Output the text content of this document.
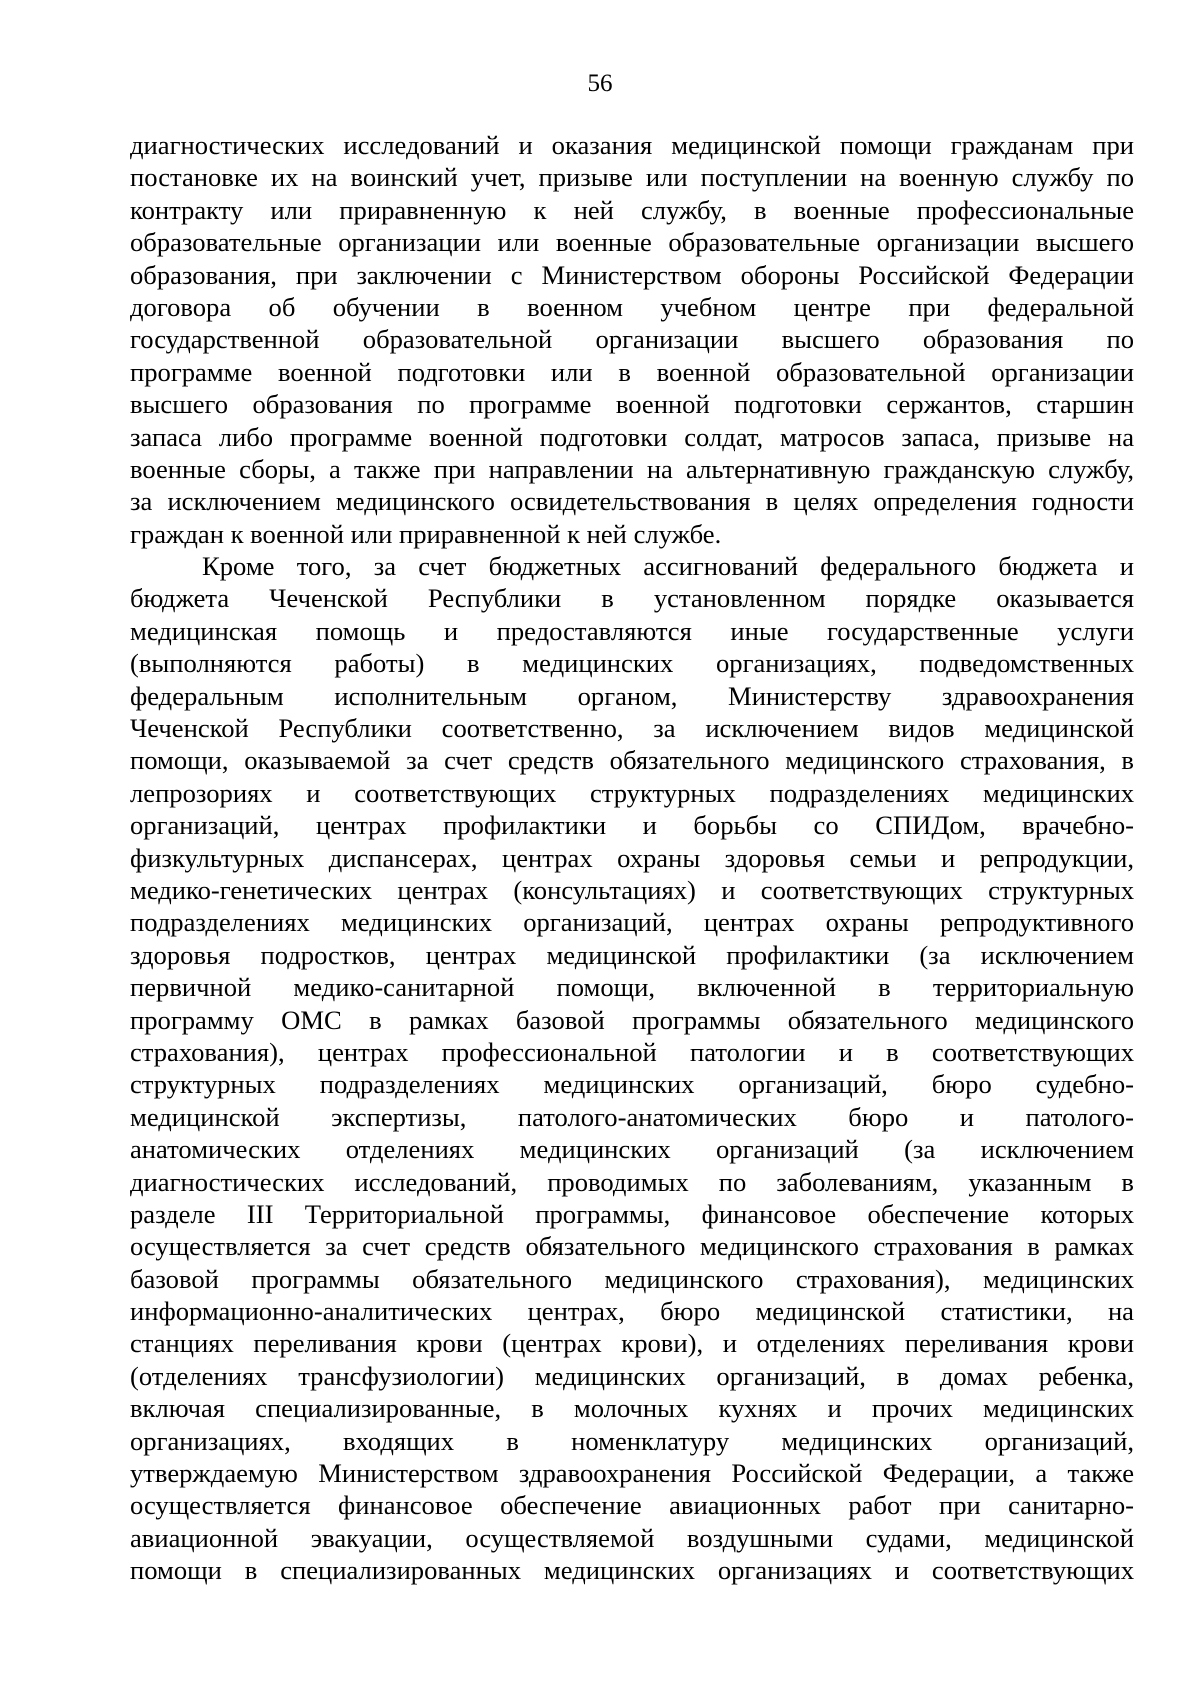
56
диагностических исследований и оказания медицинской помощи гражданам при
постановке их на воинский учет, призыве или поступлении на военную службу по
контракту или приравненную к ней службу, в военные профессиональные
образовательные организации или военные образовательные организации высшего
образования, при заключении с Министерством обороны Российской Федерации
договора об обучении в военном учебном центре при федеральной
государственной образовательной организации высшего образования по
программе военной подготовки или в военной образовательной организации
высшего образования по программе военной подготовки сержантов, старшин
запаса либо программе военной подготовки солдат, матросов запаса, призыве на
военные сборы, а также при направлении на альтернативную гражданскую службу,
за исключением медицинского освидетельствования в целях определения годности
граждан к военной или приравненной к ней службе.
Кроме того, за счет бюджетных ассигнований федерального бюджета и
бюджета Чеченской Республики в установленном порядке оказывается
медицинская помощь и предоставляются иные государственные услуги
(выполняются работы) в медицинских организациях, подведомственных
федеральным исполнительным органом, Министерству здравоохранения
Чеченской Республики соответственно, за исключением видов медицинской
помощи, оказываемой за счет средств обязательного медицинского страхования, в
лепрозориях и соответствующих структурных подразделениях медицинских
организаций, центрах профилактики и борьбы со СПИДом, врачебно-
физкультурных диспансерах, центрах охраны здоровья семьи и репродукции,
медико-генетических центрах (консультациях) и соответствующих структурных
подразделениях медицинских организаций, центрах охраны репродуктивного
здоровья подростков, центрах медицинской профилактики (за исключением
первичной медико-санитарной помощи, включенной в территориальную
программу ОМС в рамках базовой программы обязательного медицинского
страхования), центрах профессиональной патологии и в соответствующих
структурных подразделениях медицинских организаций, бюро судебно-
медицинской экспертизы, патолого-анатомических бюро и патолого-
анатомических отделениях медицинских организаций (за исключением
диагностических исследований, проводимых по заболеваниям, указанным в
разделе III Территориальной программы, финансовое обеспечение которых
осуществляется за счет средств обязательного медицинского страхования в рамках
базовой программы обязательного медицинского страхования), медицинских
информационно-аналитических центрах, бюро медицинской статистики, на
станциях переливания крови (центрах крови), и отделениях переливания крови
(отделениях трансфузиологии) медицинских организаций, в домах ребенка,
включая специализированные, в молочных кухнях и прочих медицинских
организациях, входящих в номенклатуру медицинских организаций,
утверждаемую Министерством здравоохранения Российской Федерации, а также
осуществляется финансовое обеспечение авиационных работ при санитарно-
авиационной эвакуации, осуществляемой воздушными судами, медицинской
помощи в специализированных медицинских организациях и соответствующих
